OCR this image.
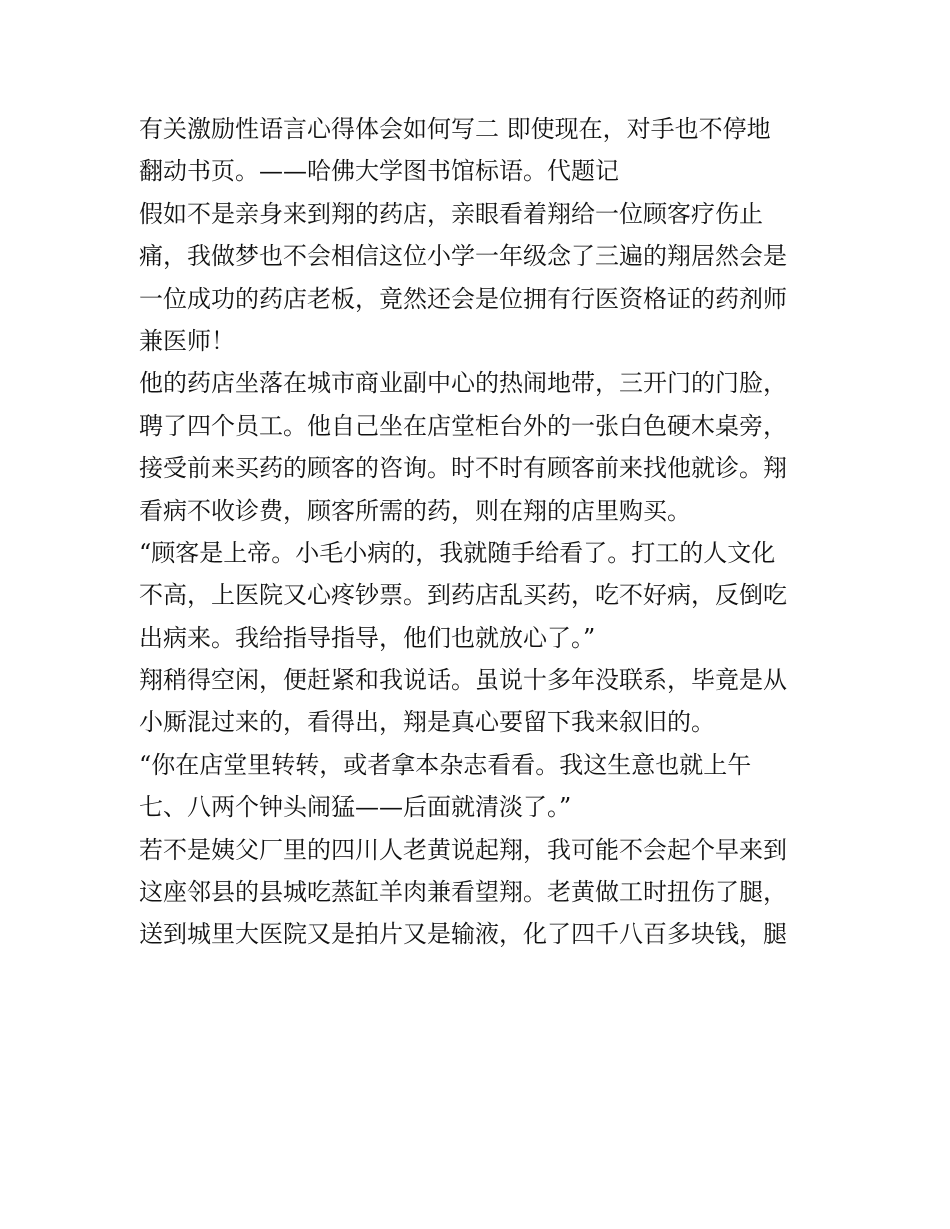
有关激励性语言心得体会如何写二 即使现在，对手也不停地
翻动书页。——哈佛大学图书馆标语。代题记
假如不是亲身来到翔的药店，亲眼看着翔给一位顾客疗伤止
痛，我做梦也不会相信这位小学一年级念了三遍的翔居然会是
一位成功的药店老板，竟然还会是位拥有行医资格证的药剂师
兼医师！
他的药店坐落在城市商业副中心的热闹地带，三开门的门脸，
聘了四个员工。他自己坐在店堂柜台外的一张白色硬木桌旁，
接受前来买药的顾客的咨询。时不时有顾客前来找他就诊。翔
看病不收诊费，顾客所需的药，则在翔的店里购买。
“顾客是上帝。小毛小病的，我就随手给看了。打工的人文化
不高，上医院又心疼钞票。到药店乱买药，吃不好病，反倒吃
出病来。我给指导指导，他们也就放心了。”
翔稍得空闲，便赶紧和我说话。虽说十多年没联系，毕竟是从
小厮混过来的，看得出，翔是真心要留下我来叙旧的。
“你在店堂里转转，或者拿本杂志看看。我这生意也就上午
七、八两个钟头闹猛——后面就清淡了。”
若不是姨父厂里的四川人老黄说起翔，我可能不会起个早来到
这座邻县的县城吃蒸缸羊肉兼看望翔。老黄做工时扭伤了腿，
送到城里大医院又是拍片又是输液，化了四千八百多块钱，腿
